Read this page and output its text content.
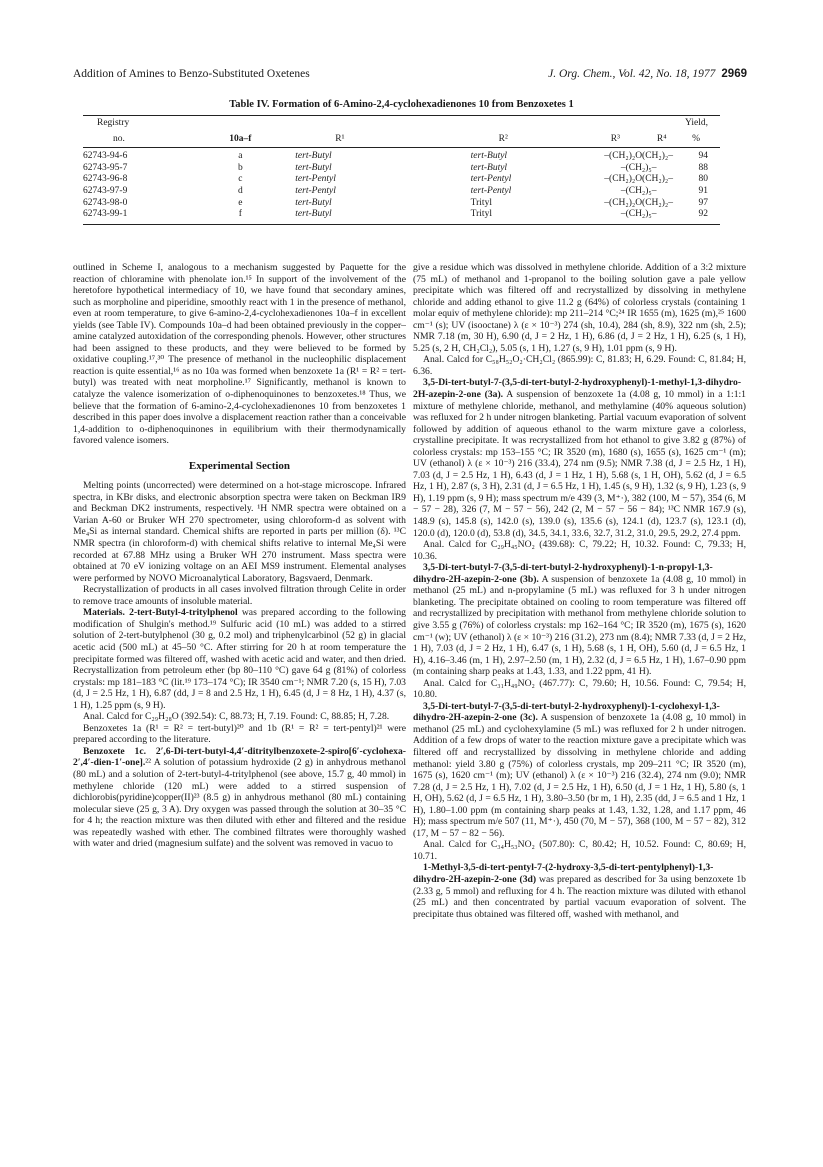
Addition of Amines to Benzo-Substituted Oxetenes	J. Org. Chem., Vol. 42, No. 18, 1977 2969
Table IV. Formation of 6-Amino-2,4-cyclohexadienones 10 from Benzoxetes 1
Registry					Yield,
no.	10a–f	R¹	R²	R³ R⁴	%
62743-94-6	a	tert-Butyl	tert-Butyl	–(CH₂)₂O(CH₂)₂–	94
62743-95-7	b	tert-Butyl	tert-Butyl	–(CH₂)₅–	88
62743-96-8	c	tert-Pentyl	tert-Pentyl	–(CH₂)₂O(CH₂)₂–	80
62743-97-9	d	tert-Pentyl	tert-Pentyl	–(CH₂)₅–	91
62743-98-0	e	tert-Butyl	Trityl	–(CH₂)₂O(CH₂)₂–	97
62743-99-1	f	tert-Butyl	Trityl	–(CH₂)₅–	92

outlined in Scheme I, analogous to a mechanism suggested by Paquette for the reaction of chloramine with phenolate ion.¹⁵ In support of the involvement of the heretofore hypothetical intermediacy of 10, we have found that secondary amines, such as morpholine and piperidine, smoothly react with 1 in the presence of methanol, even at room temperature, to give 6-amino-2,4-cyclohexadienones 10a–f in excellent yields (see Table IV). Compounds 10a–d had been obtained previously in the copper–amine catalyzed autoxidation of the corresponding phenols. However, other structures had been assigned to these products, and they were believed to be formed by oxidative coupling.¹⁷,³⁰ The presence of methanol in the nucleophilic displacement reaction is quite essential,¹⁶ as no 10a was formed when benzoxete 1a (R¹ = R² = tert-butyl) was treated with neat morpholine.¹⁷ Significantly, methanol is known to catalyze the valence isomerization of o-diphenoquinones to benzoxetes.¹⁸ Thus, we believe that the formation of 6-amino-2,4-cyclohexadienones 10 from benzoxetes 1 described in this paper does involve a displacement reaction rather than a conceivable 1,4-addition to o-diphenoquinones in equilibrium with their thermodynamically favored valence isomers.

Experimental Section

Melting points (uncorrected) were determined on a hot-stage microscope. Infrared spectra, in KBr disks, and electronic absorption spectra were taken on Beckman IR9 and Beckman DK2 instruments, respectively. ¹H NMR spectra were obtained on a Varian A-60 or Bruker WH 270 spectrometer, using chloroform-d as solvent with Me₄Si as internal standard. Chemical shifts are reported in parts per million (δ). ¹³C NMR spectra (in chloroform-d) with chemical shifts relative to internal Me₄Si were recorded at 67.88 MHz using a Bruker WH 270 instrument. Mass spectra were obtained at 70 eV ionizing voltage on an AEI MS9 instrument. Elemental analyses were performed by NOVO Microanalytical Laboratory, Bagsvaerd, Denmark.

Recrystallization of products in all cases involved filtration through Celite in order to remove trace amounts of insoluble material.

Materials. 2-tert-Butyl-4-tritylphenol was prepared according to the following modification of Shulgin's method.¹⁹ Sulfuric acid (10 mL) was added to a stirred solution of 2-tert-butylphenol (30 g, 0.2 mol) and triphenylcarbinol (52 g) in glacial acetic acid (500 mL) at 45–50 °C. After stirring for 20 h at room temperature the precipitate formed was filtered off, washed with acetic acid and water, and then dried. Recrystallization from petroleum ether (bp 80–110 °C) gave 64 g (81%) of colorless crystals: mp 181–183 °C (lit.¹⁹ 173–174 °C); IR 3540 cm⁻¹; NMR 7.20 (s, 15 H), 7.03 (d, J = 2.5 Hz, 1 H), 6.87 (dd, J = 8 and 2.5 Hz, 1 H), 6.45 (d, J = 8 Hz, 1 H), 4.37 (s, 1 H), 1.25 ppm (s, 9 H).

Anal. Calcd for C₂₉H₂₈O (392.54): C, 88.73; H, 7.19. Found: C, 88.85; H, 7.28.

Benzoxetes 1a (R¹ = R² = tert-butyl)²⁰ and 1b (R¹ = R² = tert-pentyl)²¹ were prepared according to the literature.

Benzoxete 1c. 2′,6-Di-tert-butyl-4,4′-ditritylbenzoxete-2-spiro[6′-cyclohexa-2′,4′-dien-1′-one].²² A solution of potassium hydroxide (2 g) in anhydrous methanol (80 mL) and a solution of 2-tert-butyl-4-tritylphenol (see above, 15.7 g, 40 mmol) in methylene chloride (120 mL) were added to a stirred suspension of dichlorobis(pyridine)copper(II)²³ (8.5 g) in anhydrous methanol (80 mL) containing molecular sieve (25 g, 3 A). Dry oxygen was passed through the solution at 30–35 °C for 4 h; the reaction mixture was then diluted with ether and filtered and the residue was repeatedly washed with ether. The combined filtrates were thoroughly washed with water and dried (magnesium sulfate) and the solvent was removed in vacuo to

give a residue which was dissolved in methylene chloride. Addition of a 3:2 mixture (75 mL) of methanol and 1-propanol to the boiling solution gave a pale yellow precipitate which was filtered off and recrystallized by dissolving in methylene chloride and adding ethanol to give 11.2 g (64%) of colorless crystals (containing 1 molar equiv of methylene chloride): mp 211–214 °C;²⁴ IR 1655 (m), 1625 (m),²⁵ 1600 cm⁻¹ (s); UV (isooctane) λ (ε × 10⁻³) 274 (sh, 10.4), 284 (sh, 8.9), 322 nm (sh, 2.5); NMR 7.18 (m, 30 H), 6.90 (d, J = 2 Hz, 1 H), 6.86 (d, J = 2 Hz, 1 H), 6.25 (s, 1 H), 5.25 (s, 2 H, CH₂Cl₂), 5.05 (s, 1 H), 1.27 (s, 9 H), 1.01 ppm (s, 9 H).

Anal. Calcd for C₅₈H₅₂O₂·CH₂Cl₂ (865.99): C, 81.83; H, 6.29. Found: C, 81.84; H, 6.36.

3,5-Di-tert-butyl-7-(3,5-di-tert-butyl-2-hydroxyphenyl)-1-methyl-1,3-dihydro-2H-azepin-2-one (3a). A suspension of benzoxete 1a (4.08 g, 10 mmol) in a 1:1:1 mixture of methylene chloride, methanol, and methylamine (40% aqueous solution) was refluxed for 2 h under nitrogen blanketing. Partial vacuum evaporation of solvent followed by addition of aqueous ethanol to the warm mixture gave a colorless, crystalline precipitate. It was recrystallized from hot ethanol to give 3.82 g (87%) of colorless crystals: mp 153–155 °C; IR 3520 (m), 1680 (s), 1655 (s), 1625 cm⁻¹ (m); UV (ethanol) λ (ε × 10⁻³) 216 (33.4), 274 nm (9.5); NMR 7.38 (d, J = 2.5 Hz, 1 H), 7.03 (d, J = 2.5 Hz, 1 H), 6.43 (d, J = 1 Hz, 1 H), 5.68 (s, 1 H, OH), 5.62 (d, J = 6.5 Hz, 1 H), 2.87 (s, 3 H), 2.31 (d, J = 6.5 Hz, 1 H), 1.45 (s, 9 H), 1.32 (s, 9 H), 1.23 (s, 9 H), 1.19 ppm (s, 9 H); mass spectrum m/e 439 (3, M⁺·), 382 (100, M − 57), 354 (6, M − 57 − 28), 326 (7, M − 57 − 56), 242 (2, M − 57 − 56 − 84); ¹³C NMR 167.9 (s), 148.9 (s), 145.8 (s), 142.0 (s), 139.0 (s), 135.6 (s), 124.1 (d), 123.7 (s), 123.1 (d), 120.0 (d), 120.0 (d), 53.8 (d), 34.5, 34.1, 33.6, 32.7, 31.2, 31.0, 29.5, 29.2, 27.4 ppm.

Anal. Calcd for C₂₉H₄₅NO₂ (439.68): C, 79.22; H, 10.32. Found: C, 79.33; H, 10.36.

3,5-Di-tert-butyl-7-(3,5-di-tert-butyl-2-hydroxyphenyl)-1-n-propyl-1,3-dihydro-2H-azepin-2-one (3b). A suspension of benzoxete 1a (4.08 g, 10 mmol) in methanol (25 mL) and n-propylamine (5 mL) was refluxed for 3 h under nitrogen blanketing. The precipitate obtained on cooling to room temperature was filtered off and recrystallized by precipitation with methanol from methylene chloride solution to give 3.55 g (76%) of colorless crystals: mp 162–164 °C; IR 3520 (m), 1675 (s), 1620 cm⁻¹ (w); UV (ethanol) λ (ε × 10⁻³) 216 (31.2), 273 nm (8.4); NMR 7.33 (d, J = 2 Hz, 1 H), 7.03 (d, J = 2 Hz, 1 H), 6.47 (s, 1 H), 5.68 (s, 1 H, OH), 5.60 (d, J = 6.5 Hz, 1 H), 4.16–3.46 (m, 1 H), 2.97–2.50 (m, 1 H), 2.32 (d, J = 6.5 Hz, 1 H), 1.67–0.90 ppm (m containing sharp peaks at 1.43, 1.33, and 1.22 ppm, 41 H).

Anal. Calcd for C₃₁H₄₉NO₂ (467.77): C, 79.60; H, 10.56. Found: C, 79.54; H, 10.80.

3,5-Di-tert-butyl-7-(3,5-di-tert-butyl-2-hydroxyphenyl)-1-cyclohexyl-1,3-dihydro-2H-azepin-2-one (3c). A suspension of benzoxete 1a (4.08 g, 10 mmol) in methanol (25 mL) and cyclohexylamine (5 mL) was refluxed for 2 h under nitrogen. Addition of a few drops of water to the reaction mixture gave a precipitate which was filtered off and recrystallized by dissolving in methylene chloride and adding methanol: yield 3.80 g (75%) of colorless crystals, mp 209–211 °C; IR 3520 (m), 1675 (s), 1620 cm⁻¹ (m); UV (ethanol) λ (ε × 10⁻³) 216 (32.4), 274 nm (9.0); NMR 7.28 (d, J = 2.5 Hz, 1 H), 7.02 (d, J = 2.5 Hz, 1 H), 6.50 (d, J = 1 Hz, 1 H), 5.80 (s, 1 H, OH), 5.62 (d, J = 6.5 Hz, 1 H), 3.80–3.50 (br m, 1 H), 2.35 (dd, J = 6.5 and 1 Hz, 1 H), 1.80–1.00 ppm (m containing sharp peaks at 1.43, 1.32, 1.28, and 1.17 ppm, 46 H); mass spectrum m/e 507 (11, M⁺·), 450 (70, M − 57), 368 (100, M − 57 − 82), 312 (17, M − 57 − 82 − 56).

Anal. Calcd for C₃₄H₅₃NO₂ (507.80): C, 80.42; H, 10.52. Found: C, 80.69; H, 10.71.

1-Methyl-3,5-di-tert-pentyl-7-(2-hydroxy-3,5-di-tert-pentylphenyl)-1,3-dihydro-2H-azepin-2-one (3d) was prepared as described for 3a using benzoxete 1b (2.33 g, 5 mmol) and refluxing for 4 h. The reaction mixture was diluted with ethanol (25 mL) and then concentrated by partial vacuum evaporation of solvent. The precipitate thus obtained was filtered off, washed with methanol, and
